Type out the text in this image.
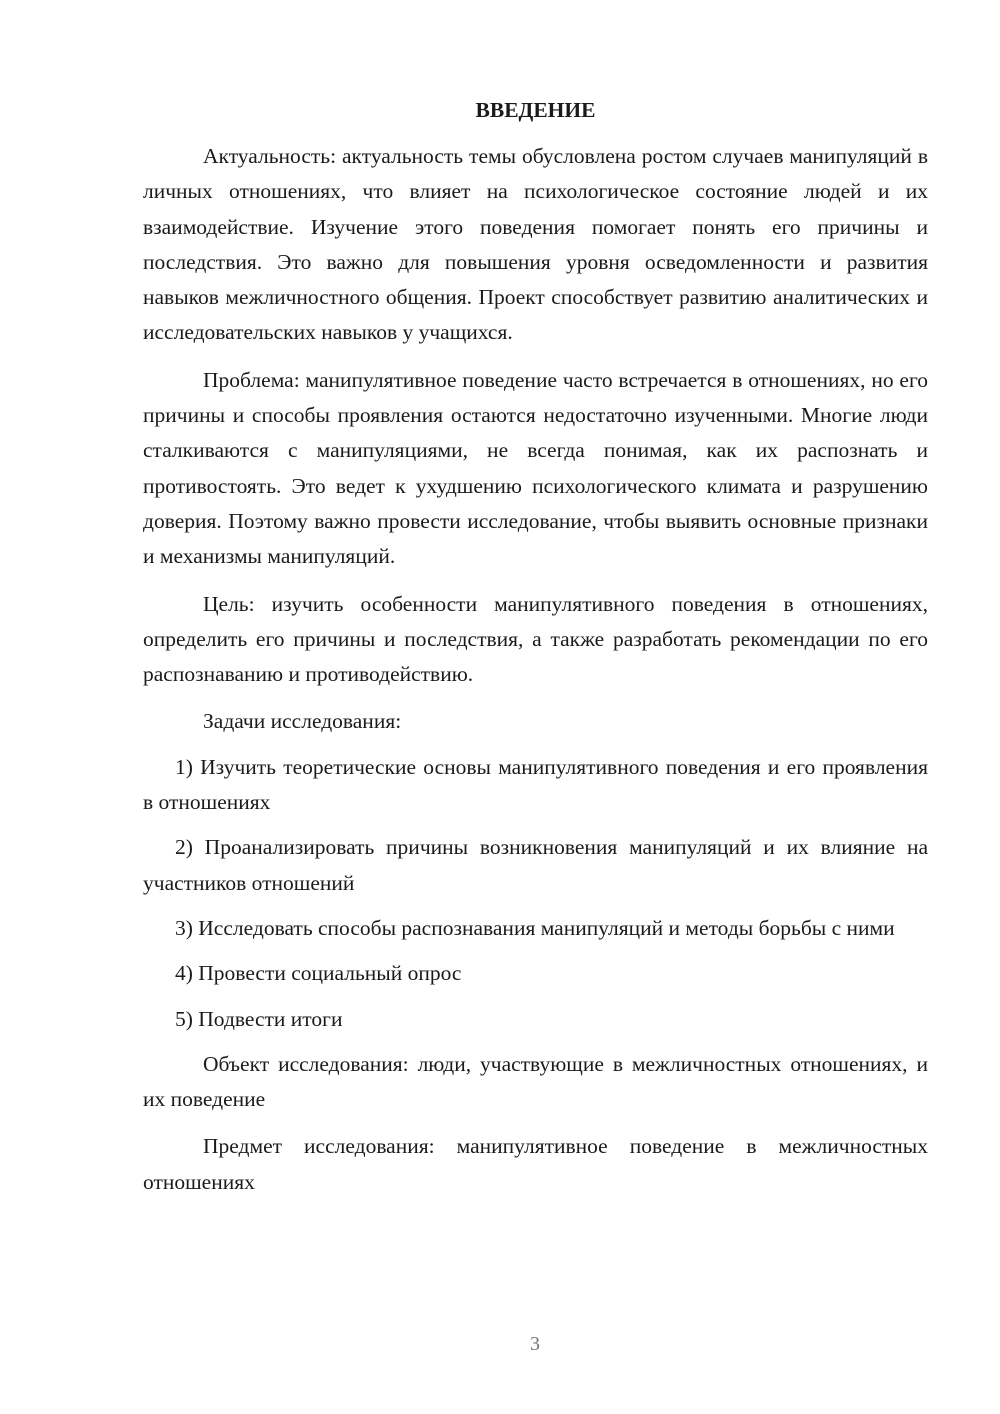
ВВЕДЕНИЕ

Актуальность: актуальность темы обусловлена ростом случаев манипуляций в личных отношениях, что влияет на психологическое состояние людей и их взаимодействие. Изучение этого поведения помогает понять его причины и последствия. Это важно для повышения уровня осведомленности и развития навыков межличностного общения. Проект способствует развитию аналитических и исследовательских навыков у учащихся.

Проблема: манипулятивное поведение часто встречается в отношениях, но его причины и способы проявления остаются недостаточно изученными. Многие люди сталкиваются с манипуляциями, не всегда понимая, как их распознать и противостоять. Это ведет к ухудшению психологического климата и разрушению доверия. Поэтому важно провести исследование, чтобы выявить основные признаки и механизмы манипуляций.

Цель: изучить особенности манипулятивного поведения в отношениях, определить его причины и последствия, а также разработать рекомендации по его распознаванию и противодействию.

Задачи исследования:

1) Изучить теоретические основы манипулятивного поведения и его проявления в отношениях

2) Проанализировать причины возникновения манипуляций и их влияние на участников отношений

3) Исследовать способы распознавания манипуляций и методы борьбы с ними

4) Провести социальный опрос

5) Подвести итоги

Объект исследования: люди, участвующие в межличностных отношениях, и их поведение

Предмет исследования: манипулятивное поведение в межличностных отношениях

3
